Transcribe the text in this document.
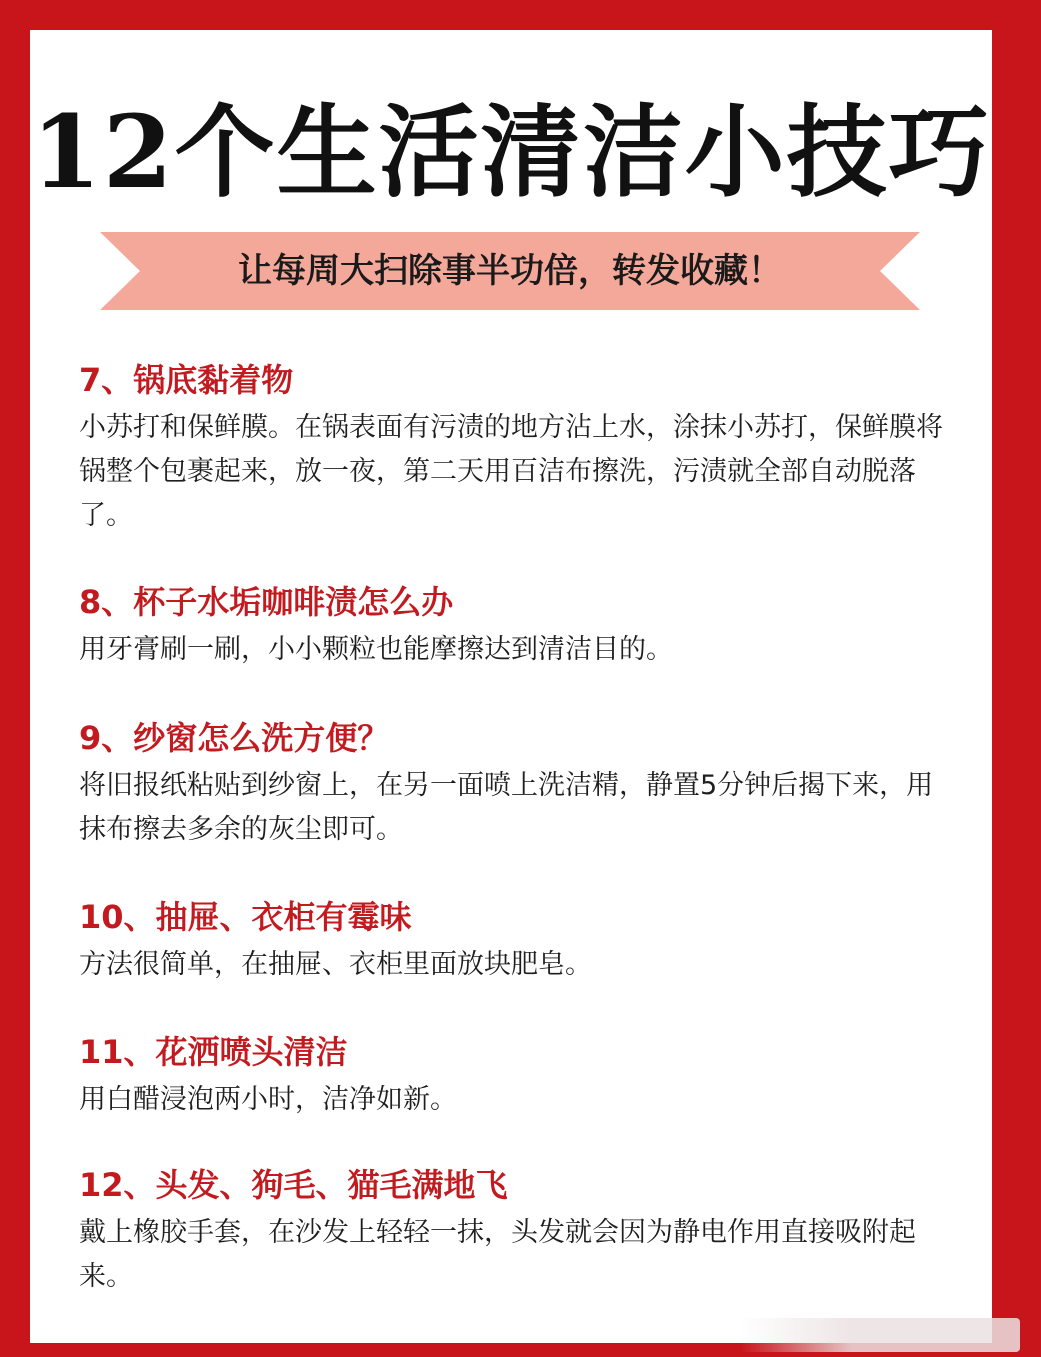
12个生活清洁小技巧
让每周大扫除事半功倍，转发收藏！
7、锅底黏着物
小苏打和保鲜膜。在锅表面有污渍的地方沾上水，涂抹小苏打，保鲜膜将锅整个包裹起来，放一夜，第二天用百洁布擦洗，污渍就全部自动脱落了。
8、杯子水垢咖啡渍怎么办
用牙膏刷一刷，小小颗粒也能摩擦达到清洁目的。
9、纱窗怎么洗方便？
将旧报纸粘贴到纱窗上，在另一面喷上洗洁精，静置5分钟后揭下来，用抹布擦去多余的灰尘即可。
10、抽屉、衣柜有霉味
方法很简单，在抽屉、衣柜里面放块肥皂。
11、花洒喷头清洁
用白醋浸泡两小时，洁净如新。
12、头发、狗毛、猫毛满地飞
戴上橡胶手套，在沙发上轻轻一抹，头发就会因为静电作用直接吸附起来。
